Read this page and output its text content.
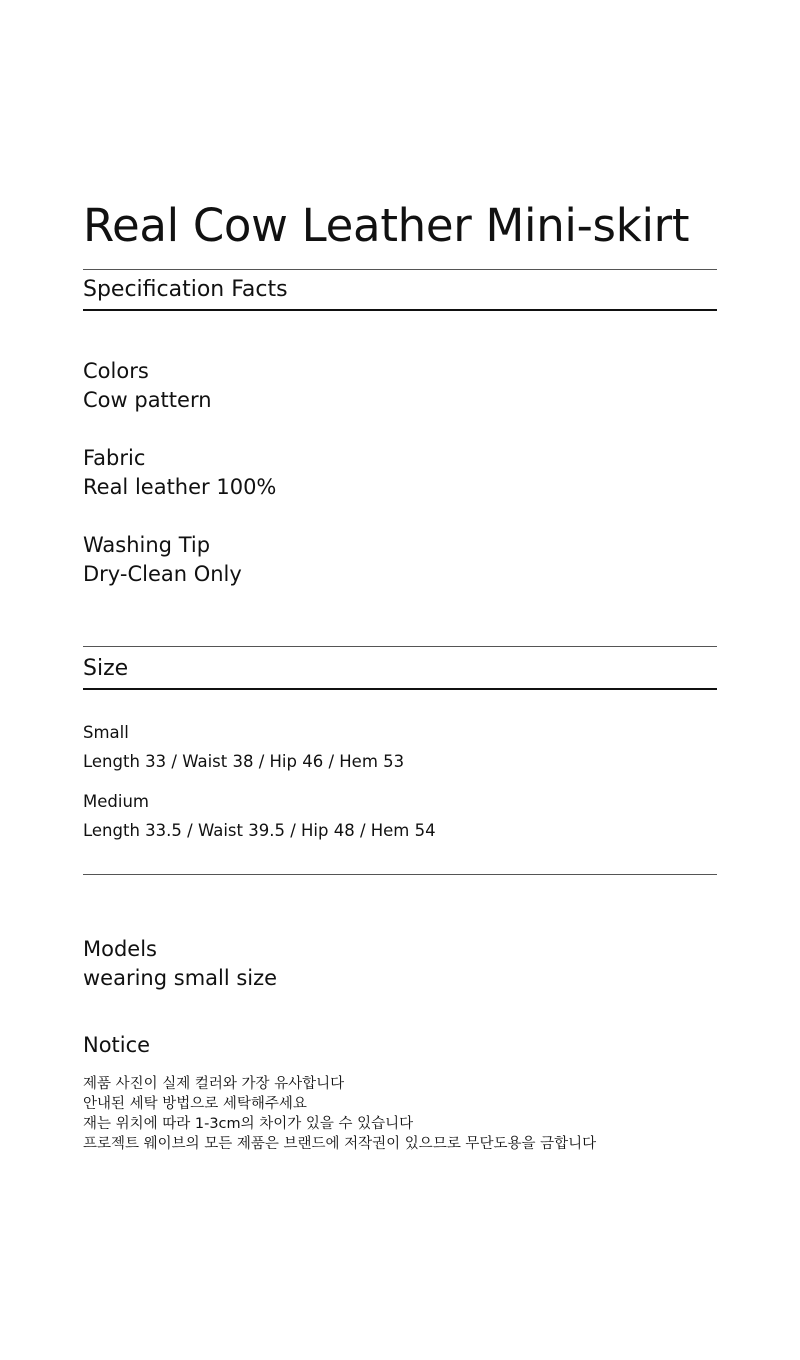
Real Cow Leather Mini-skirt
Specification Facts
Colors
Cow pattern
Fabric
Real leather 100%
Washing Tip
Dry-Clean Only
Size
Small
Length 33 / Waist 38 / Hip 46 / Hem 53
Medium
Length 33.5 / Waist 39.5 / Hip 48 / Hem 54
Models
wearing small size
Notice
제품 사진이 실제 컬러와 가장 유사합니다
안내된 세탁 방법으로 세탁해주세요
재는 위치에 따라 1-3cm의 차이가 있을 수 있습니다
프로젝트 웨이브의 모든 제품은 브랜드에 저작권이 있으므로 무단도용을 금합니다
